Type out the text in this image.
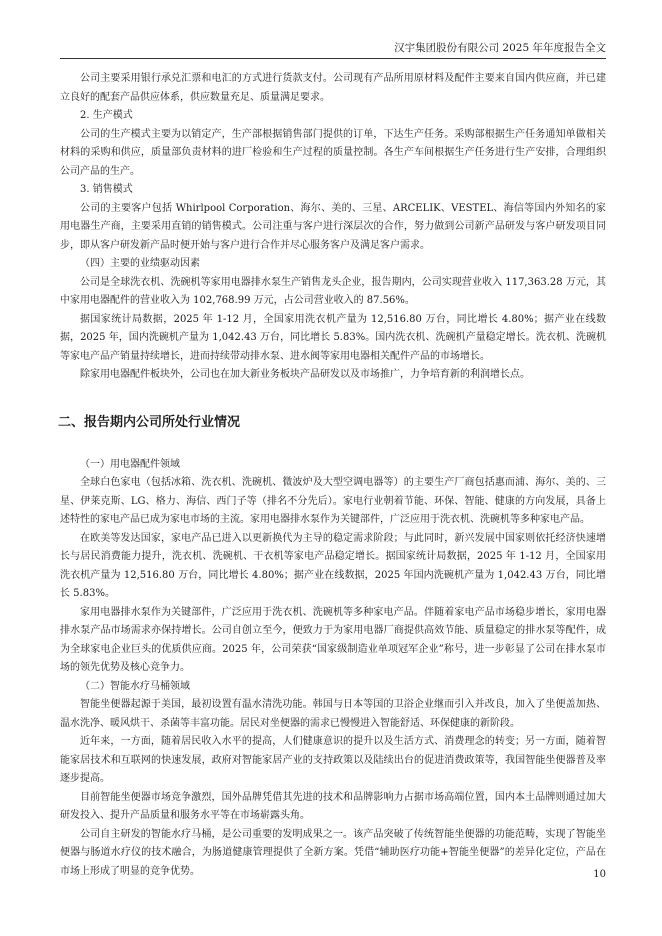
汉宇集团股份有限公司 2025 年年度报告全文

公司主要采用银行承兑汇票和电汇的方式进行货款支付。公司现有产品所用原材料及配件主要来自国内供应商，并已建立良好的配套产品供应体系，供应数量充足、质量满足要求。

2. 生产模式

公司的生产模式主要为以销定产，生产部根据销售部门提供的订单，下达生产任务。采购部根据生产任务通知单做相关材料的采购和供应，质量部负责材料的进厂检验和生产过程的质量控制。各生产车间根据生产任务进行生产安排，合理组织公司产品的生产。

3. 销售模式

公司的主要客户包括 Whirlpool Corporation、海尔、美的、三星、ARCELIK、VESTEL、海信等国内外知名的家用电器生产商，主要采用直销的销售模式。公司注重与客户进行深层次的合作，努力做到公司新产品研发与客户研发项目同步，即从客户研发新产品时便开始与客户进行合作并尽心服务客户及满足客户需求。

（四）主要的业绩驱动因素

公司是全球洗衣机、洗碗机等家用电器排水泵生产销售龙头企业，报告期内，公司实现营业收入 117,363.28 万元，其中家用电器配件的营业收入为 102,768.99 万元，占公司营业收入的 87.56%。

据国家统计局数据，2025 年 1-12 月，全国家用洗衣机产量为 12,516.80 万台，同比增长 4.80%；据产业在线数据，2025 年，国内洗碗机产量为 1,042.43 万台，同比增长 5.83%。国内洗衣机、洗碗机产量稳定增长。洗衣机、洗碗机等家电产品产销量持续增长，进而持续带动排水泵、进水阀等家用电器相关配件产品的市场增长。

除家用电器配件板块外，公司也在加大新业务板块产品研发以及市场推广，力争培育新的利润增长点。

二、报告期内公司所处行业情况

（一）用电器配件领域

全球白色家电（包括冰箱、洗衣机、洗碗机、微波炉及大型空调电器等）的主要生产厂商包括惠而浦、海尔、美的、三星、伊莱克斯、LG、格力、海信、西门子等（排名不分先后）。家电行业朝着节能、环保、智能、健康的方向发展，具备上述特性的家电产品已成为家电市场的主流。家用电器排水泵作为关键部件，广泛应用于洗衣机、洗碗机等多种家电产品。

在欧美等发达国家，家电产品已进入以更新换代为主导的稳定需求阶段；与此同时，新兴发展中国家则依托经济快速增长与居民消费能力提升，洗衣机、洗碗机、干衣机等家电产品稳定增长。据国家统计局数据，2025 年 1-12 月，全国家用洗衣机产量为 12,516.80 万台，同比增长 4.80%；据产业在线数据，2025 年国内洗碗机产量为 1,042.43 万台，同比增长 5.83%。

家用电器排水泵作为关键部件，广泛应用于洗衣机、洗碗机等多种家电产品。伴随着家电产品市场稳步增长，家用电器排水泵产品市场需求亦保持增长。公司自创立至今，便致力于为家用电器厂商提供高效节能、质量稳定的排水泵等配件，成为全球家电企业巨头的优质供应商。2025 年，公司荣获“国家级制造业单项冠军企业”称号，进一步彰显了公司在排水泵市场的领先优势及核心竞争力。

（二）智能水疗马桶领域

智能坐便器起源于美国，最初设置有温水清洗功能。韩国与日本等国的卫浴企业继而引入并改良，加入了坐便盖加热、温水洗净、暖风烘干、杀菌等丰富功能。居民对坐便器的需求已慢慢进入智能舒适、环保健康的新阶段。

近年来，一方面，随着居民收入水平的提高，人们健康意识的提升以及生活方式、消费理念的转变；另一方面，随着智能家居技术和互联网的快速发展，政府对智能家居产业的支持政策以及陆续出台的促进消费政策等，我国智能坐便器普及率逐步提高。

目前智能坐便器市场竞争激烈，国外品牌凭借其先进的技术和品牌影响力占据市场高端位置，国内本土品牌则通过加大研发投入、提升产品质量和服务水平等在市场崭露头角。

公司自主研发的智能水疗马桶，是公司重要的发明成果之一。该产品突破了传统智能坐便器的功能范畴，实现了智能坐便器与肠道水疗仪的技术融合，为肠道健康管理提供了全新方案。凭借“辅助医疗功能+智能坐便器”的差异化定位，产品在市场上形成了明显的竞争优势。	10
